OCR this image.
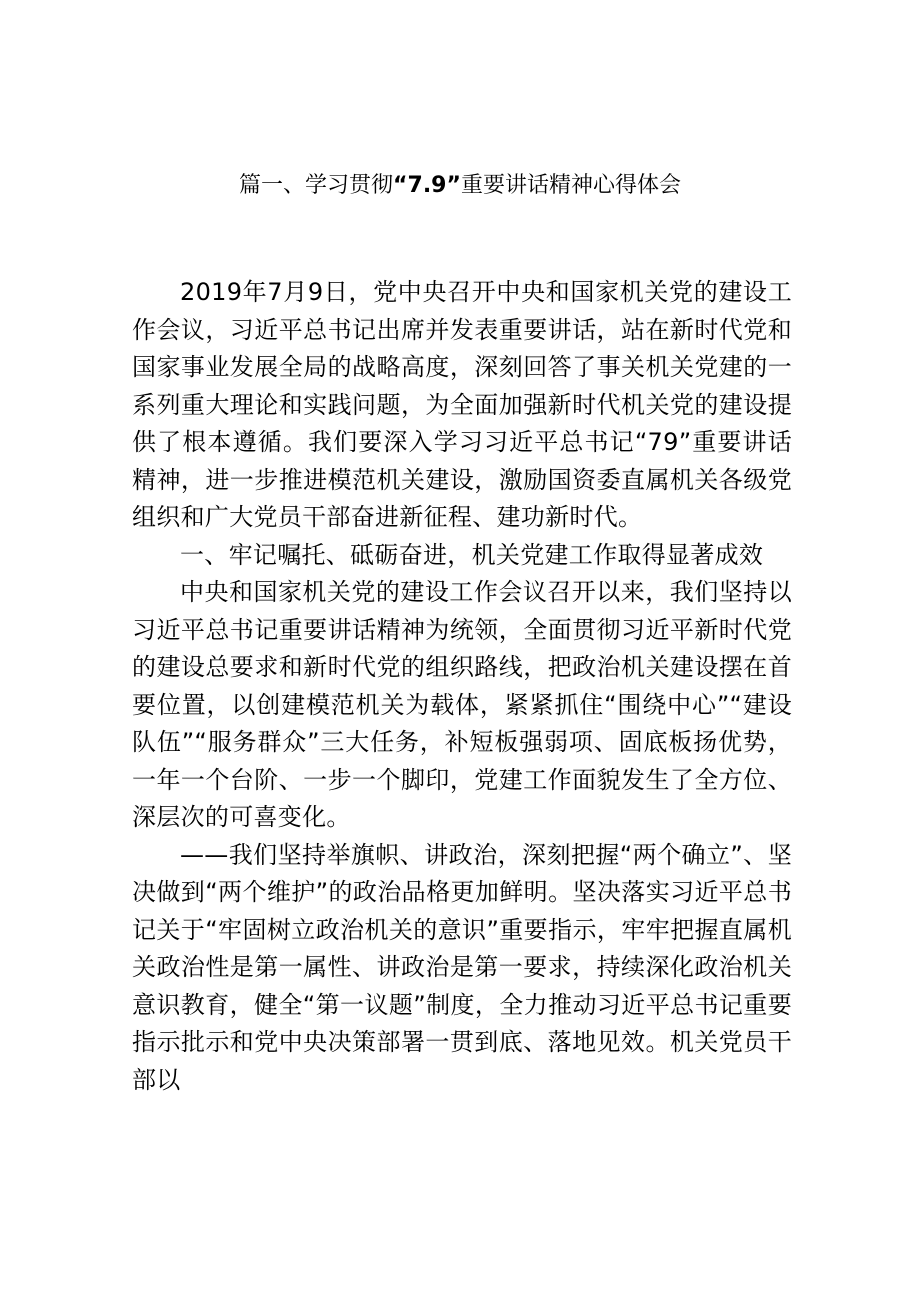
篇一、学习贯彻“7.9”重要讲话精神心得体会

2019年7月9日，党中央召开中央和国家机关党的建设工作会议，习近平总书记出席并发表重要讲话，站在新时代党和国家事业发展全局的战略高度，深刻回答了事关机关党建的一系列重大理论和实践问题，为全面加强新时代机关党的建设提供了根本遵循。我们要深入学习习近平总书记“79”重要讲话精神，进一步推进模范机关建设，激励国资委直属机关各级党组织和广大党员干部奋进新征程、建功新时代。

一、牢记嘱托、砥砺奋进，机关党建工作取得显著成效

中央和国家机关党的建设工作会议召开以来，我们坚持以习近平总书记重要讲话精神为统领，全面贯彻习近平新时代党的建设总要求和新时代党的组织路线，把政治机关建设摆在首要位置，以创建模范机关为载体，紧紧抓住“围绕中心”“建设队伍”“服务群众”三大任务，补短板强弱项、固底板扬优势，一年一个台阶、一步一个脚印，党建工作面貌发生了全方位、深层次的可喜变化。

——我们坚持举旗帜、讲政治，深刻把握“两个确立”、坚决做到“两个维护”的政治品格更加鲜明。坚决落实习近平总书记关于“牢固树立政治机关的意识”重要指示，牢牢把握直属机关政治性是第一属性、讲政治是第一要求，持续深化政治机关意识教育，健全“第一议题”制度，全力推动习近平总书记重要指示批示和党中央决策部署一贯到底、落地见效。机关党员干部以
